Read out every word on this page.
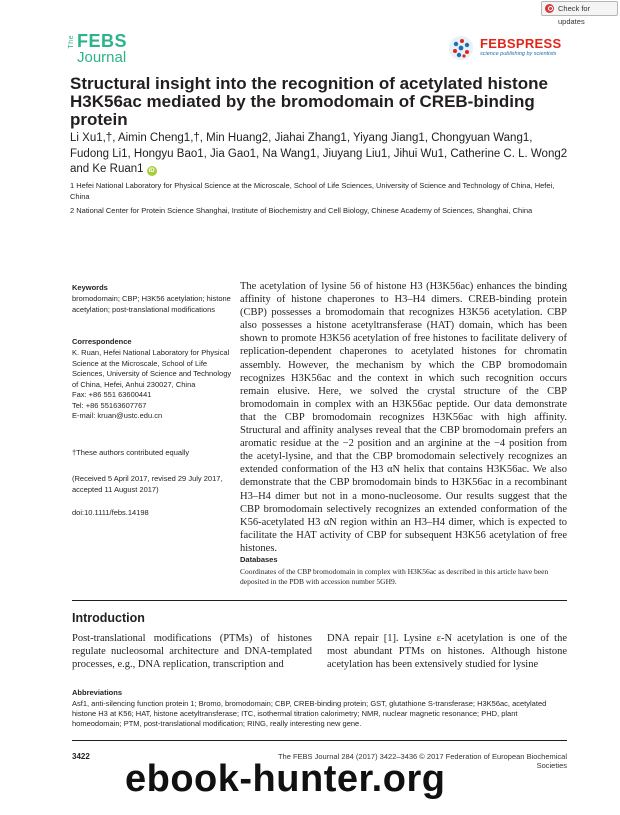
Check for updates
The FEBS
Journal
FEBSPRESS
science publishing by scientists
Structural insight into the recognition of acetylated histone H3K56ac mediated by the bromodomain of CREB-binding protein
Li Xu1,†, Aimin Cheng1,†, Min Huang2, Jiahai Zhang1, Yiyang Jiang1, Chongyuan Wang1, Fudong Li1, Hongyu Bao1, Jia Gao1, Na Wang1, Jiuyang Liu1, Jihui Wu1, Catherine C. L. Wong2 and Ke Ruan1 iD
1 Hefei National Laboratory for Physical Science at the Microscale, School of Life Sciences, University of Science and Technology of China, Hefei, China
2 National Center for Protein Science Shanghai, Institute of Biochemistry and Cell Biology, Chinese Academy of Sciences, Shanghai, China
Keywords
bromodomain; CBP; H3K56 acetylation; histone acetylation; post-translational modifications
Correspondence
K. Ruan, Hefei National Laboratory for Physical Science at the Microscale, School of Life Sciences, University of Science and Technology of China, Hefei, Anhui 230027, China
Fax: +86 551 63600441
Tel: +86 55163607767
E-mail: kruan@ustc.edu.cn
†These authors contributed equally
(Received 5 April 2017, revised 29 July 2017, accepted 11 August 2017)
doi:10.1111/febs.14198
The acetylation of lysine 56 of histone H3 (H3K56ac) enhances the binding affinity of histone chaperones to H3–H4 dimers. CREB-binding protein (CBP) possesses a bromodomain that recognizes H3K56 acetylation. CBP also possesses a histone acetyltransferase (HAT) domain, which has been shown to promote H3K56 acetylation of free histones to facilitate delivery of replication-dependent chaperones to acetylated histones for chromatin assembly. However, the mechanism by which the CBP bromodomain recognizes H3K56ac and the context in which such recognition occurs remain elusive. Here, we solved the crystal structure of the CBP bromodomain in complex with an H3K56ac peptide. Our data demonstrate that the CBP bromodomain recognizes H3K56ac with high affinity. Structural and affinity analyses reveal that the CBP bromodomain prefers an aromatic residue at the −2 position and an arginine at the −4 position from the acetyl-lysine, and that the CBP bromodomain selectively recognizes an extended conformation of the H3 αN helix that contains H3K56ac. We also demonstrate that the CBP bromodomain binds to H3K56ac in a recombinant H3–H4 dimer but not in a mono-nucleosome. Our results suggest that the CBP bromodomain selectively recognizes an extended conformation of the K56-acetylated H3 αN region within an H3–H4 dimer, which is expected to facilitate the HAT activity of CBP for subsequent H3K56 acetylation of free histones.
Databases
Coordinates of the CBP bromodomain in complex with H3K56ac as described in this article have been deposited in the PDB with accession number 5GH9.
Introduction
Post-translational modifications (PTMs) of histones regulate nucleosomal architecture and DNA-templated processes, e.g., DNA replication, transcription and
DNA repair [1]. Lysine ε-N acetylation is one of the most abundant PTMs on histones. Although histone acetylation has been extensively studied for lysine
Abbreviations
Asf1, anti-silencing function protein 1; Bromo, bromodomain; CBP, CREB-binding protein; GST, glutathione S-transferase; H3K56ac, acetylated histone H3 at K56; HAT, histone acetyltransferase; ITC, isothermal titration calorimetry; NMR, nuclear magnetic resonance; PHD, plant homeodomain; PTM, post-translational modification; RING, really interesting new gene.
3422	The FEBS Journal 284 (2017) 3422–3436 © 2017 Federation of European Biochemical Societies
ebook-hunter.org
